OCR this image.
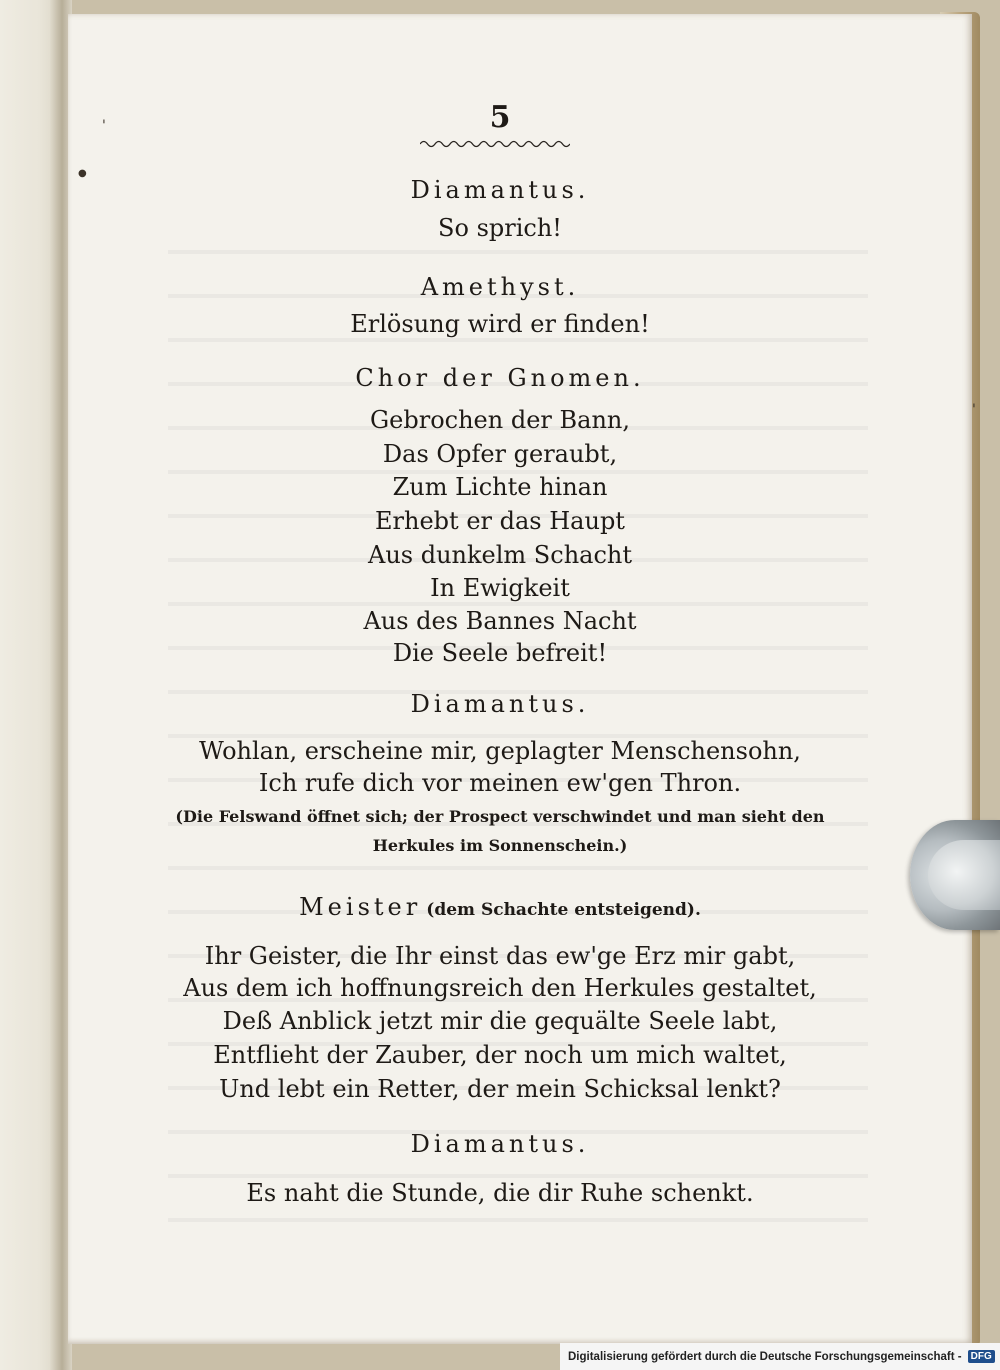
'
●
'
5
Diamantus.
So sprich!
Amethyst.
Erlösung wird er finden!
Chor der Gnomen.
Gebrochen der Bann,
Das Opfer geraubt,
Zum Lichte hinan
Erhebt er das Haupt
Aus dunkelm Schacht
In Ewigkeit
Aus des Bannes Nacht
Die Seele befreit!
Diamantus.
Wohlan, erscheine mir, geplagter Menschensohn,
Ich rufe dich vor meinen ew'gen Thron.
(Die Felswand öffnet sich; der Prospect verschwindet und man sieht den
Herkules im Sonnenschein.)
Meister (dem Schachte entsteigend).
Ihr Geister, die Ihr einst das ew'ge Erz mir gabt,
Aus dem ich hoffnungsreich den Herkules gestaltet,
Deß Anblick jetzt mir die gequälte Seele labt,
Entflieht der Zauber, der noch um mich waltet,
Und lebt ein Retter, der mein Schicksal lenkt?
Diamantus.
Es naht die Stunde, die dir Ruhe schenkt.
Digitalisierung gefördert durch die Deutsche Forschungsgemeinschaft - DFG
